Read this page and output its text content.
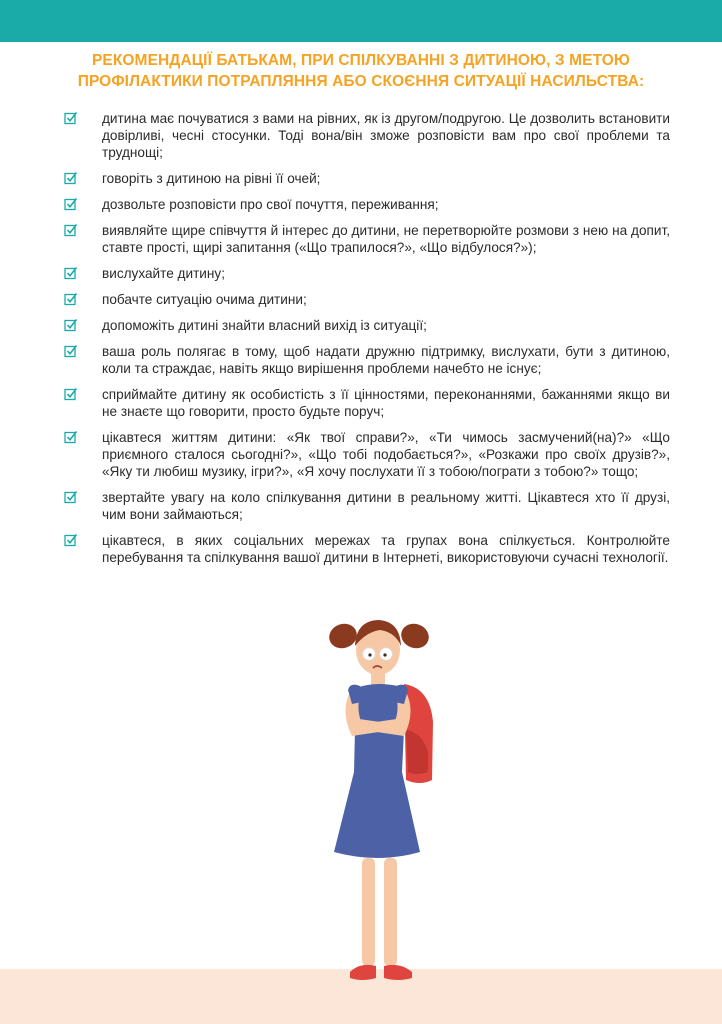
РЕКОМЕНДАЦІЇ БАТЬКАМ, ПРИ СПІЛКУВАННІ З ДИТИНОЮ, З МЕТОЮ
ПРОФІЛАКТИКИ ПОТРАПЛЯННЯ АБО СКОЄННЯ СИТУАЦІЇ НАСИЛЬСТВА:
дитина має почуватися з вами на рівних, як із другом/подругою. Це дозволить встановити довірливі, чесні стосунки. Тоді вона/він зможе розповісти вам про свої проблеми та труднощі;
говоріть з дитиною на рівні її очей;
дозвольте розповісти про свої почуття, переживання;
виявляйте щире співчуття й інтерес до дитини, не перетворюйте розмови з нею на допит, ставте прості, щирі запитання («Що трапилося?», «Що відбулося?»);
вислухайте дитину;
побачте ситуацію очима дитини;
допоможіть дитині знайти власний вихід із ситуації;
ваша роль полягає в тому, щоб надати дружню підтримку, вислухати, бути з дитиною, коли та страждає, навіть якщо вирішення проблеми начебто не існує;
сприймайте дитину як особистість з її цінностями, переконаннями, бажаннями якщо ви не знаєте що говорити, просто будьте поруч;
цікавтеся життям дитини: «Як твої справи?», «Ти чимось засмучений(на)?» «Що приємного сталося сьогодні?», «Що тобі подобається?», «Розкажи про своїх друзів?», «Яку ти любиш музику, ігри?», «Я хочу послухати її з тобою/пограти з тобою?» тощо;
звертайте увагу на коло спілкування дитини в реальному житті. Цікавтеся хто її друзі, чим вони займаються;
цікавтеся, в яких соціальних мережах та групах вона спілкується. Контролюйте перебування та спілкування вашої дитини в Інтернеті, використовуючи сучасні технології.
